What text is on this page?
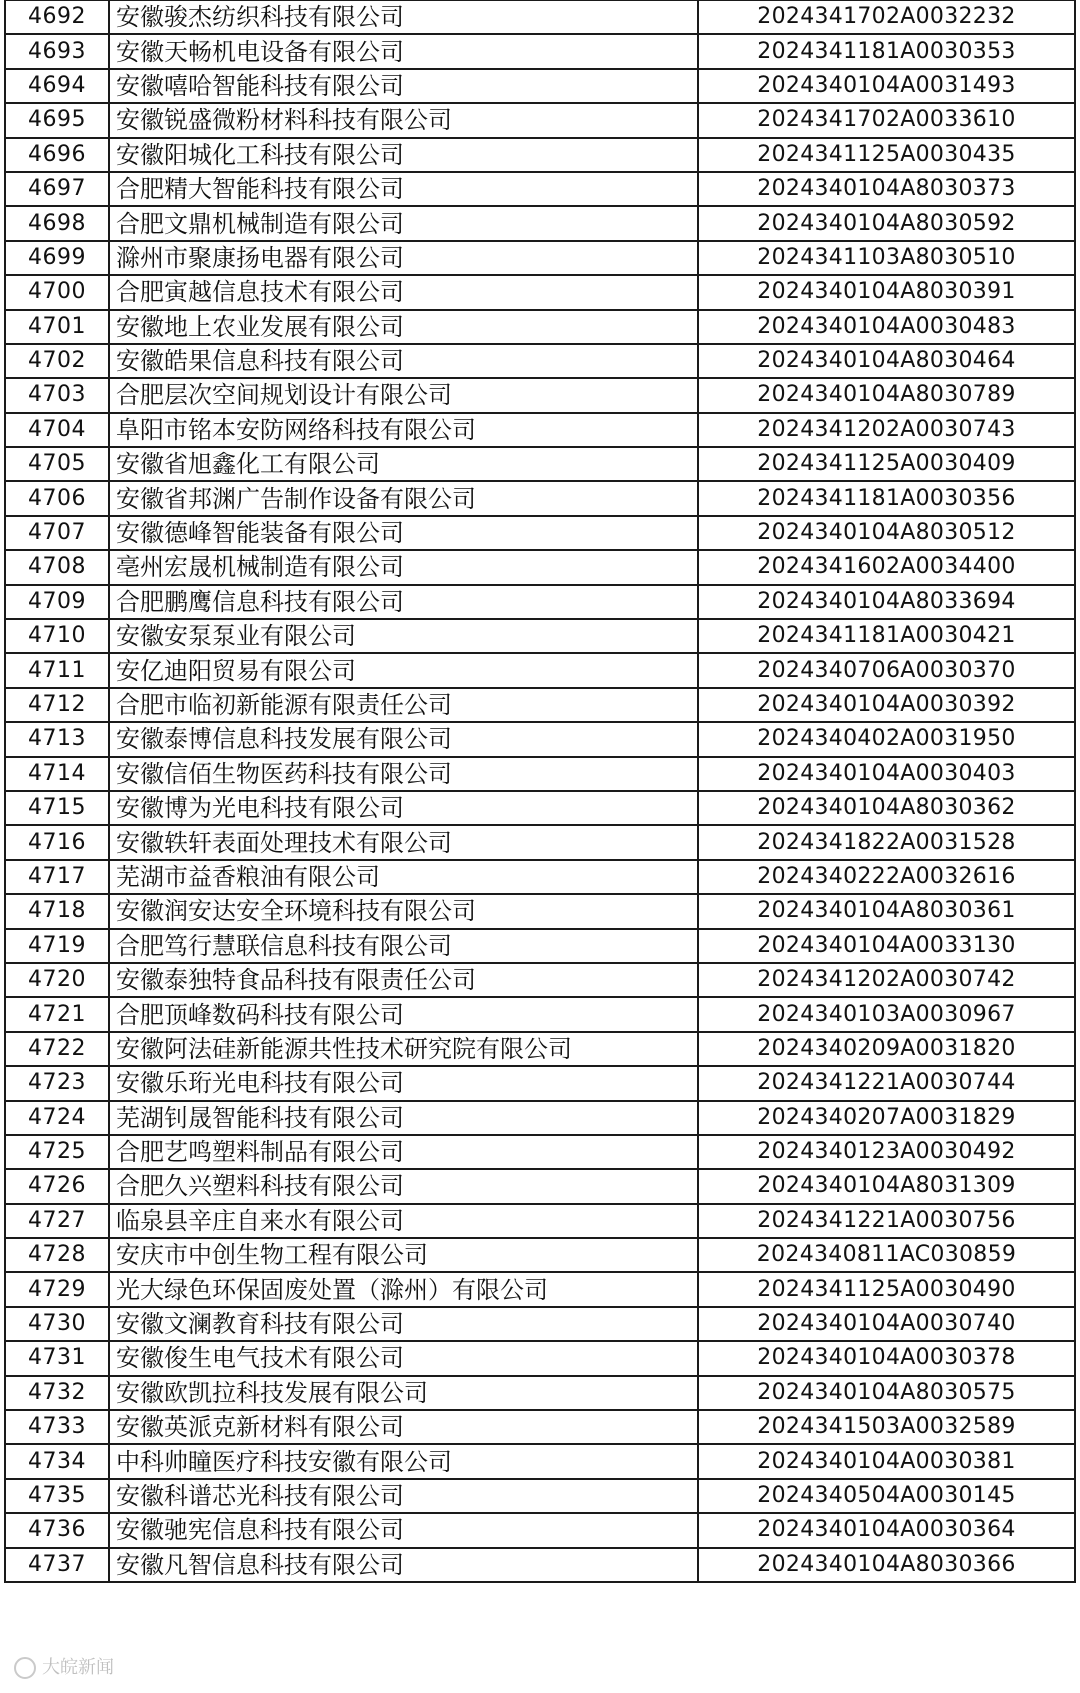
4692	安徽骏杰纺织科技有限公司	2024341702A0032232
4693	安徽天畅机电设备有限公司	2024341181A0030353
4694	安徽嘻哈智能科技有限公司	2024340104A0031493
4695	安徽锐盛微粉材料科技有限公司	2024341702A0033610
4696	安徽阳城化工科技有限公司	2024341125A0030435
4697	合肥精大智能科技有限公司	2024340104A8030373
4698	合肥文鼎机械制造有限公司	2024340104A8030592
4699	滁州市聚康扬电器有限公司	2024341103A8030510
4700	合肥寅越信息技术有限公司	2024340104A8030391
4701	安徽地上农业发展有限公司	2024340104A0030483
4702	安徽皓果信息科技有限公司	2024340104A8030464
4703	合肥层次空间规划设计有限公司	2024340104A8030789
4704	阜阳市铭本安防网络科技有限公司	2024341202A0030743
4705	安徽省旭鑫化工有限公司	2024341125A0030409
4706	安徽省邦渊广告制作设备有限公司	2024341181A0030356
4707	安徽德峰智能装备有限公司	2024340104A8030512
4708	亳州宏晟机械制造有限公司	2024341602A0034400
4709	合肥鹏鹰信息科技有限公司	2024340104A8033694
4710	安徽安泵泵业有限公司	2024341181A0030421
4711	安亿迪阳贸易有限公司	2024340706A0030370
4712	合肥市临初新能源有限责任公司	2024340104A0030392
4713	安徽泰博信息科技发展有限公司	2024340402A0031950
4714	安徽信佰生物医药科技有限公司	2024340104A0030403
4715	安徽博为光电科技有限公司	2024340104A8030362
4716	安徽轶轩表面处理技术有限公司	2024341822A0031528
4717	芜湖市益香粮油有限公司	2024340222A0032616
4718	安徽润安达安全环境科技有限公司	2024340104A8030361
4719	合肥笃行慧联信息科技有限公司	2024340104A0033130
4720	安徽泰独特食品科技有限责任公司	2024341202A0030742
4721	合肥顶峰数码科技有限公司	2024340103A0030967
4722	安徽阿法硅新能源共性技术研究院有限公司	2024340209A0031820
4723	安徽乐珩光电科技有限公司	2024341221A0030744
4724	芜湖钊晟智能科技有限公司	2024340207A0031829
4725	合肥艺鸣塑料制品有限公司	2024340123A0030492
4726	合肥久兴塑料科技有限公司	2024340104A8031309
4727	临泉县辛庄自来水有限公司	2024341221A0030756
4728	安庆市中创生物工程有限公司	2024340811AC030859
4729	光大绿色环保固废处置（滁州）有限公司	2024341125A0030490
4730	安徽文澜教育科技有限公司	2024340104A0030740
4731	安徽俊生电气技术有限公司	2024340104A0030378
4732	安徽欧凯拉科技发展有限公司	2024340104A8030575
4733	安徽英派克新材料有限公司	2024341503A0032589
4734	中科帅瞳医疗科技安徽有限公司	2024340104A0030381
4735	安徽科谱芯光科技有限公司	2024340504A0030145
4736	安徽驰宪信息科技有限公司	2024340104A0030364
4737	安徽凡智信息科技有限公司	2024340104A8030366
大皖新闻
